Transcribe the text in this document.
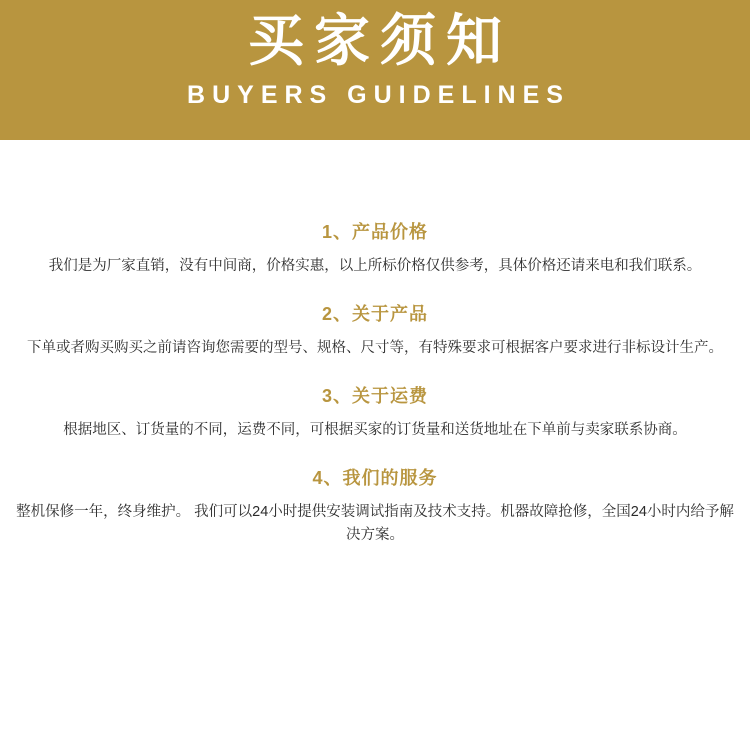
买家须知
BUYERS GUIDELINES
1、产品价格
我们是为厂家直销，没有中间商，价格实惠，以上所标价格仅供参考，具体价格还请来电和我们联系。
2、关于产品
下单或者购买购买之前请咨询您需要的型号、规格、尺寸等，有特殊要求可根据客户要求进行非标设计生产。
3、关于运费
根据地区、订货量的不同，运费不同，可根据买家的订货量和送货地址在下单前与卖家联系协商。
4、我们的服务
整机保修一年，终身维护。 我们可以24小时提供安装调试指南及技术支持。机器故障抢修，全国24小时内给予解决方案。
